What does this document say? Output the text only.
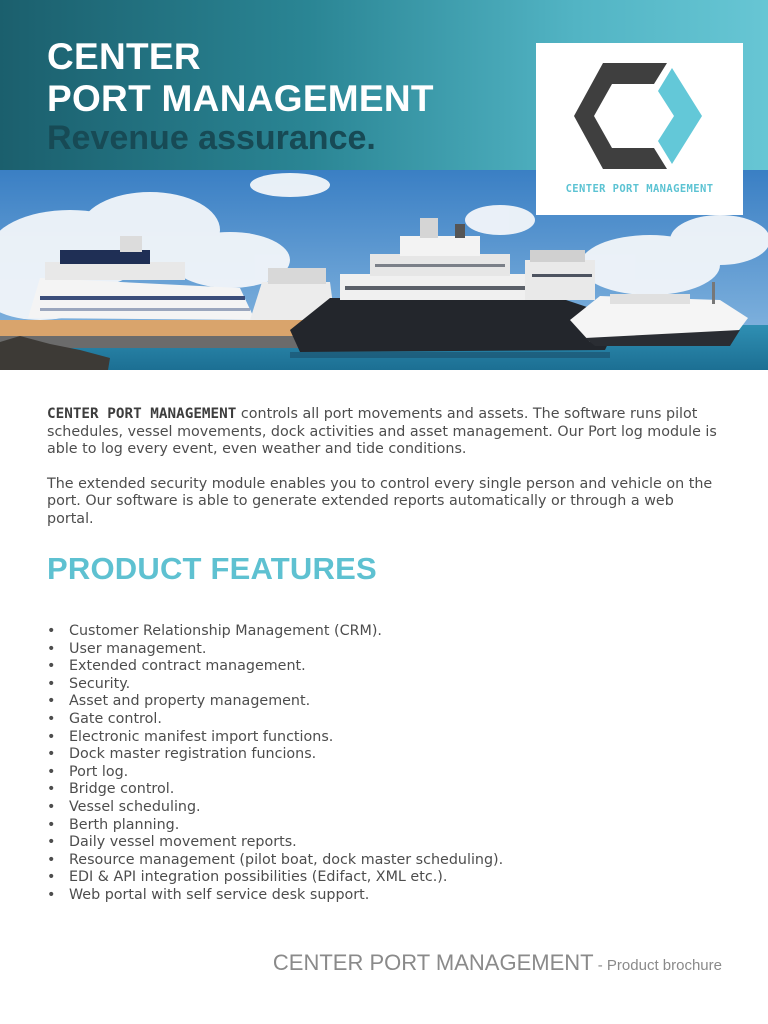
CENTER
PORT MANAGEMENT
Revenue assurance.
CENTER PORT MANAGEMENT

CENTER PORT MANAGEMENT controls all port movements and assets. The software runs pilot schedules, vessel movements, dock activities and asset management. Our Port log module is able to log every event, even weather and tide conditions.

The extended security module enables you to control every single person and vehicle on the port. Our software is able to generate extended reports automatically or through a web portal.

PRODUCT FEATURES
• Customer Relationship Management (CRM).
• User management.
• Extended contract management.
• Security.
• Asset and property management.
• Gate control.
• Electronic manifest import functions.
• Dock master registration funcions.
• Port log.
• Bridge control.
• Vessel scheduling.
• Berth planning.
• Daily vessel movement reports.
• Resource management (pilot boat, dock master scheduling).
• EDI & API integration possibilities (Edifact, XML etc.).
• Web portal with self service desk support.
CENTER PORT MANAGEMENT - Product brochure
